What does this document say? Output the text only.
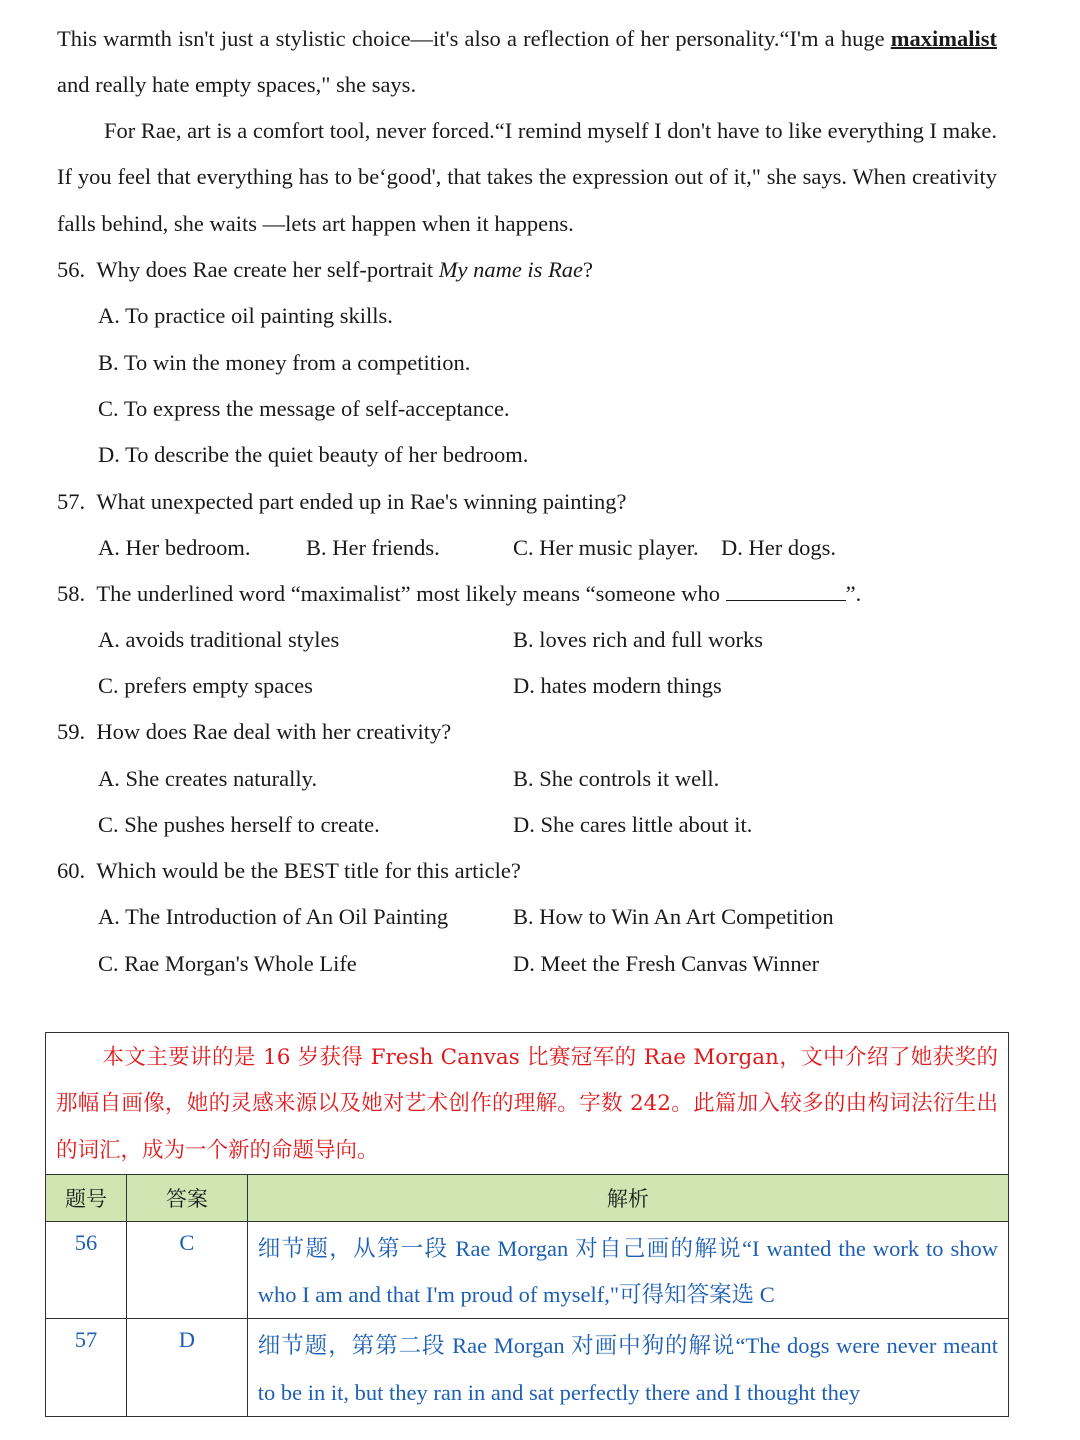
This warmth isn't just a stylistic choice—it's also a reflection of her personality.“I'm a huge maximalist and really hate empty spaces," she says.
For Rae, art is a comfort tool, never forced.“I remind myself I don't have to like everything I make. If you feel that everything has to be‘good', that takes the expression out of it," she says. When creativity falls behind, she waits —lets art happen when it happens.
56. Why does Rae create her self-portrait My name is Rae?
A. To practice oil painting skills.
B. To win the money from a competition.
C. To express the message of self-acceptance.
D. To describe the quiet beauty of her bedroom.
57. What unexpected part ended up in Rae's winning painting?
A. Her bedroom. B. Her friends.	C. Her music player. D. Her dogs.
58. The underlined word “maximalist” most likely means “someone who	”.
A. avoids traditional styles	B. loves rich and full works
C. prefers empty spaces	D. hates modern things
59. How does Rae deal with her creativity?
A. She creates naturally.	B. She controls it well.
C. She pushes herself to create.	D. She cares little about it.
60. Which would be the BEST title for this article?
A. The Introduction of An Oil Painting	B. How to Win An Art Competition
C. Rae Morgan's Whole Life	D. Meet the Fresh Canvas Winner
本文主要讲的是 16 岁获得 Fresh Canvas 比赛冠军的 Rae Morgan，文中介绍了她获奖的那幅自画像，她的灵感来源以及她对艺术创作的理解。字数 242。此篇加入较多的由构词法衍生出的词汇，成为一个新的命题导向。		
题号	答案	解析
56	C	细节题，从第一段 Rae Morgan 对自己画的解说“I wanted the work to show who I am and that I'm proud of myself,"可得知答案选 C
57	D	细节题，第第二段 Rae Morgan 对画中狗的解说“The dogs were never meant to be in it, but they ran in and sat perfectly there and I thought they
